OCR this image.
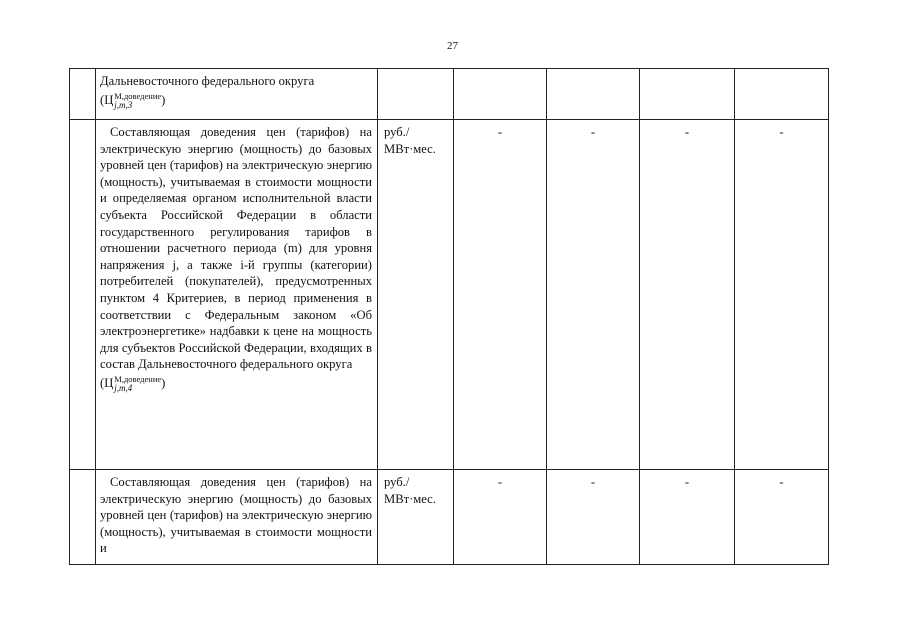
27

	Дальневосточного федерального округа
(Ц М,доведение
j,m,3 )					

	Составляющая доведения цен (тарифов) на электрическую энергию (мощность) до базовых уровней цен (тарифов) на электрическую энергию (мощность), учитываемая в стоимости мощности и определяемая органом исполнительной власти субъекта Российской Федерации в области государственного регулирования тарифов в отношении расчетного периода (m) для уровня напряжения j, а также i-й группы (категории) потребителей (покупателей), предусмотренных пунктом 4 Критериев, в период применения в соответствии с Федеральным законом «Об электроэнергетике» надбавки к цене на мощность для субъектов Российской Федерации, входящих в состав Дальневосточного федерального округа
(Ц М,доведение
j,m,4 )	руб./ МВт·мес.	-	-	-	-

	Составляющая доведения цен (тарифов) на электрическую энергию (мощность) до базовых уровней цен (тарифов) на электрическую энергию (мощность), учитываемая в стоимости мощности и	руб./ МВт·мес.	-	-	-	-
